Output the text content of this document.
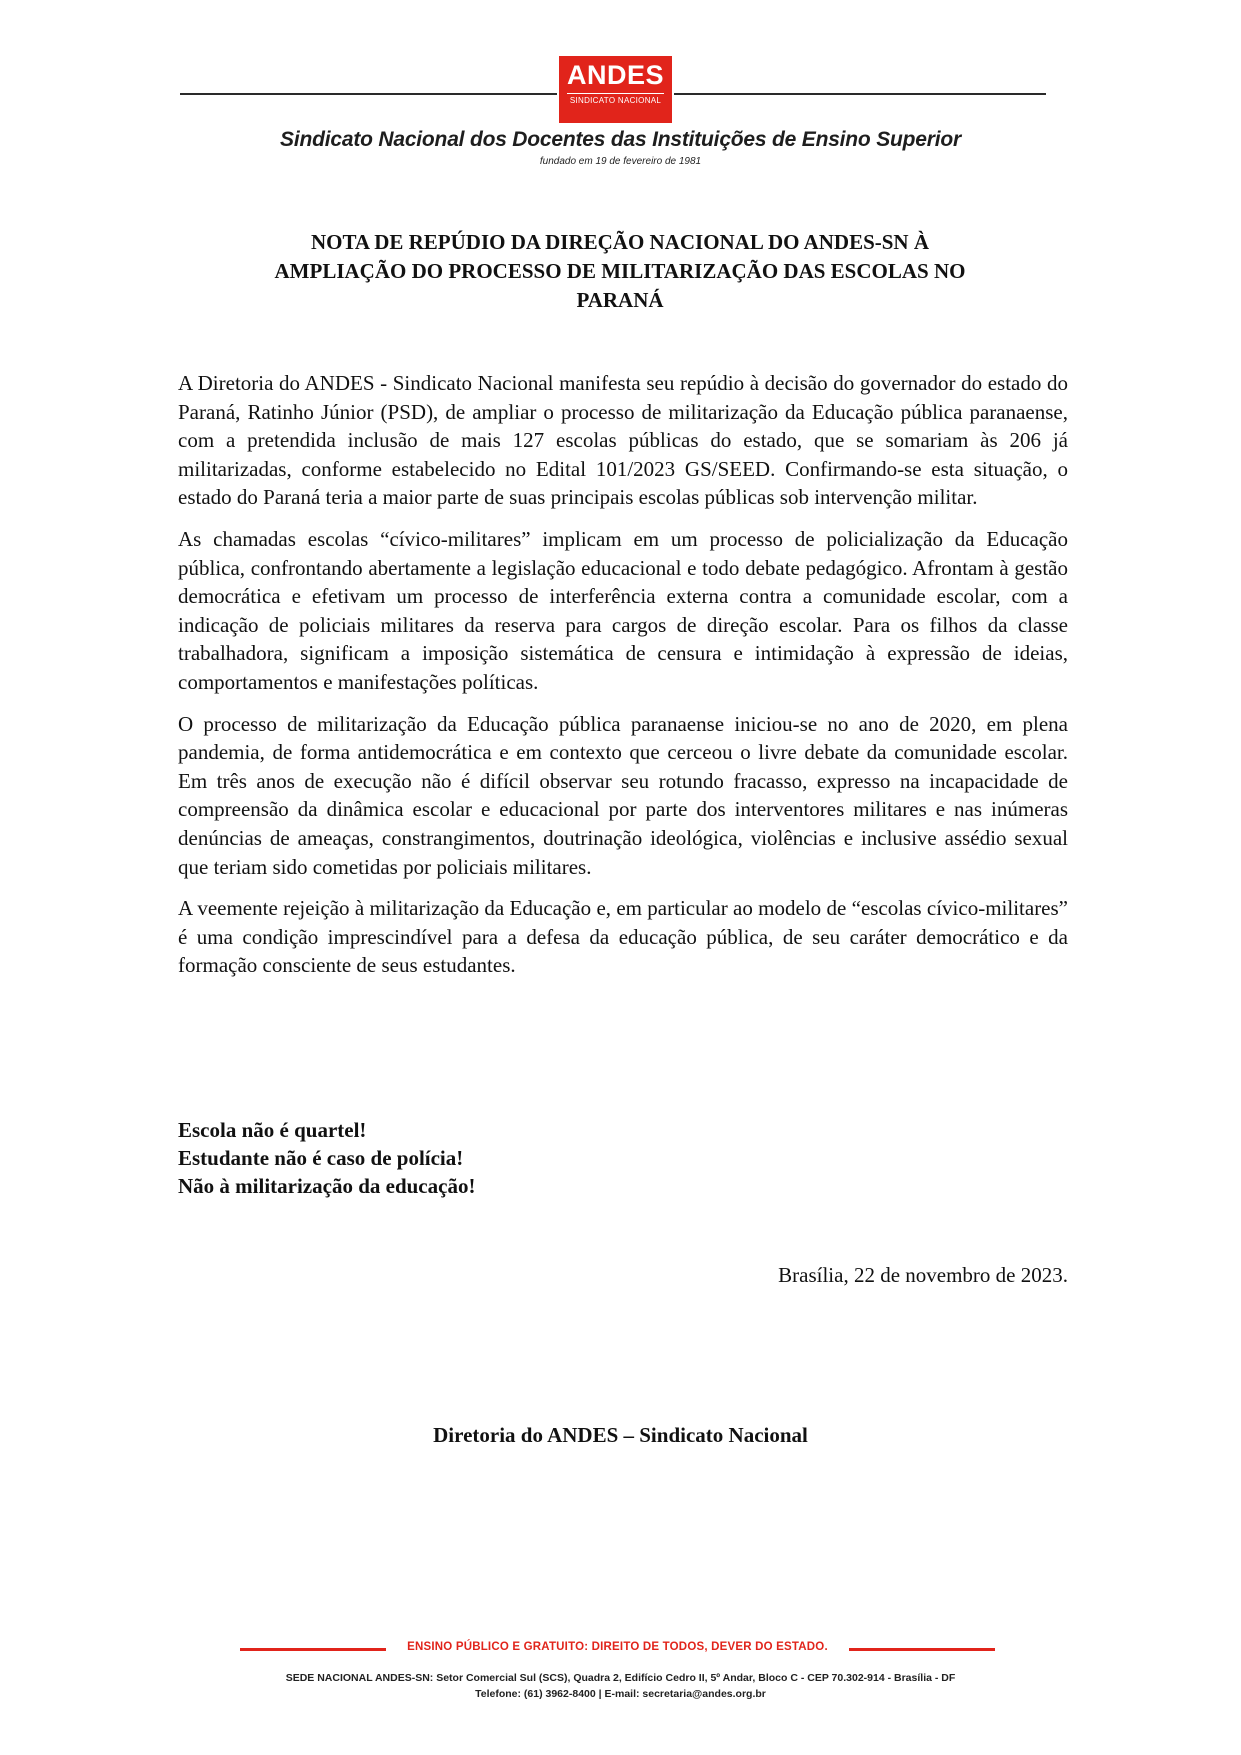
ANDES
SINDICATO NACIONAL
Sindicato Nacional dos Docentes das Instituições de Ensino Superior
fundado em 19 de fevereiro de 1981
NOTA DE REPÚDIO DA DIREÇÃO NACIONAL DO ANDES-SN À
AMPLIAÇÃO DO PROCESSO DE MILITARIZAÇÃO DAS ESCOLAS NO
PARANÁ

A Diretoria do ANDES - Sindicato Nacional manifesta seu repúdio à decisão do governador do estado do Paraná, Ratinho Júnior (PSD), de ampliar o processo de militarização da Educação pública paranaense, com a pretendida inclusão de mais 127 escolas públicas do estado, que se somariam às 206 já militarizadas, conforme estabelecido no Edital 101/2023 GS/SEED. Confirmando-se esta situação, o estado do Paraná teria a maior parte de suas principais escolas públicas sob intervenção militar.

As chamadas escolas “cívico-militares” implicam em um processo de policialização da Educação pública, confrontando abertamente a legislação educacional e todo debate pedagógico. Afrontam à gestão democrática e efetivam um processo de interferência externa contra a comunidade escolar, com a indicação de policiais militares da reserva para cargos de direção escolar. Para os filhos da classe trabalhadora, significam a imposição sistemática de censura e intimidação à expressão de ideias, comportamentos e manifestações políticas.

O processo de militarização da Educação pública paranaense iniciou-se no ano de 2020, em plena pandemia, de forma antidemocrática e em contexto que cerceou o livre debate da comunidade escolar. Em três anos de execução não é difícil observar seu rotundo fracasso, expresso na incapacidade de compreensão da dinâmica escolar e educacional por parte dos interventores militares e nas inúmeras denúncias de ameaças, constrangimentos, doutrinação ideológica, violências e inclusive assédio sexual que teriam sido cometidas por policiais militares.

A veemente rejeição à militarização da Educação e, em particular ao modelo de “escolas cívico-militares” é uma condição imprescindível para a defesa da educação pública, de seu caráter democrático e da formação consciente de seus estudantes.

Escola não é quartel!
Estudante não é caso de polícia!
Não à militarização da educação!
Brasília, 22 de novembro de 2023.
Diretoria do ANDES – Sindicato Nacional
ENSINO PÚBLICO E GRATUITO: DIREITO DE TODOS, DEVER DO ESTADO.
SEDE NACIONAL ANDES-SN: Setor Comercial Sul (SCS), Quadra 2, Edifício Cedro II, 5º Andar, Bloco C - CEP 70.302-914 - Brasília - DF
Telefone: (61) 3962-8400 | E-mail: secretaria@andes.org.br
